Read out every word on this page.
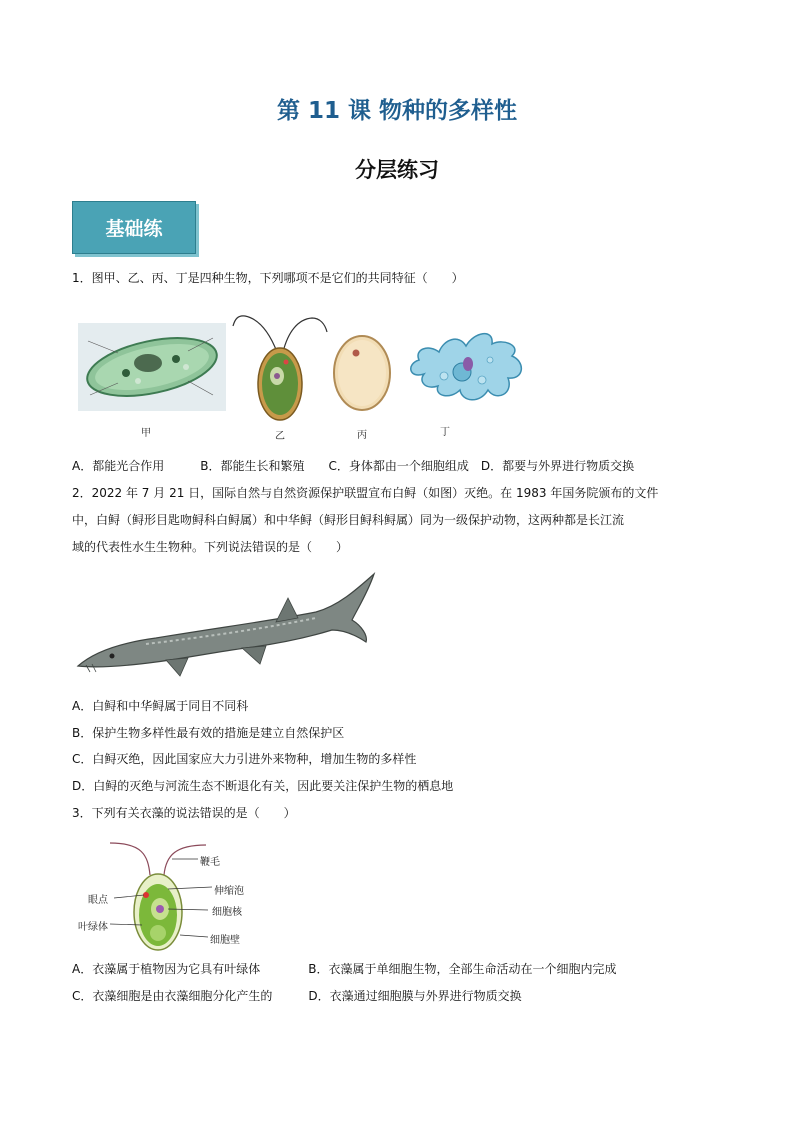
第 11 课 物种的多样性
分层练习
基础练
1．图甲、乙、丙、丁是四种生物，下列哪项不是它们的共同特征（　　）
甲	乙	丙	丁
A．都能光合作用　　　B．都能生长和繁殖　　C．身体都由一个细胞组成　D．都要与外界进行物质交换
2．2022 年 7 月 21 日，国际自然与自然资源保护联盟宣布白鲟（如图）灭绝。在 1983 年国务院颁布的文件
中，白鲟（鲟形目匙吻鲟科白鲟属）和中华鲟（鲟形目鲟科鲟属）同为一级保护动物，这两种都是长江流
域的代表性水生生物种。下列说法错误的是（　　）
A．白鲟和中华鲟属于同目不同科
B．保护生物多样性最有效的措施是建立自然保护区
C．白鲟灭绝，因此国家应大力引进外来物种，增加生物的多样性
D．白鲟的灭绝与河流生态不断退化有关，因此要关注保护生物的栖息地
3．下列有关衣藻的说法错误的是（　　）
鞭毛
伸缩泡
眼点
细胞核
叶绿体
细胞壁
A．衣藻属于植物因为它具有叶绿体　　　　B．衣藻属于单细胞生物，全部生命活动在一个细胞内完成
C．衣藻细胞是由衣藻细胞分化产生的　　　D．衣藻通过细胞膜与外界进行物质交换
